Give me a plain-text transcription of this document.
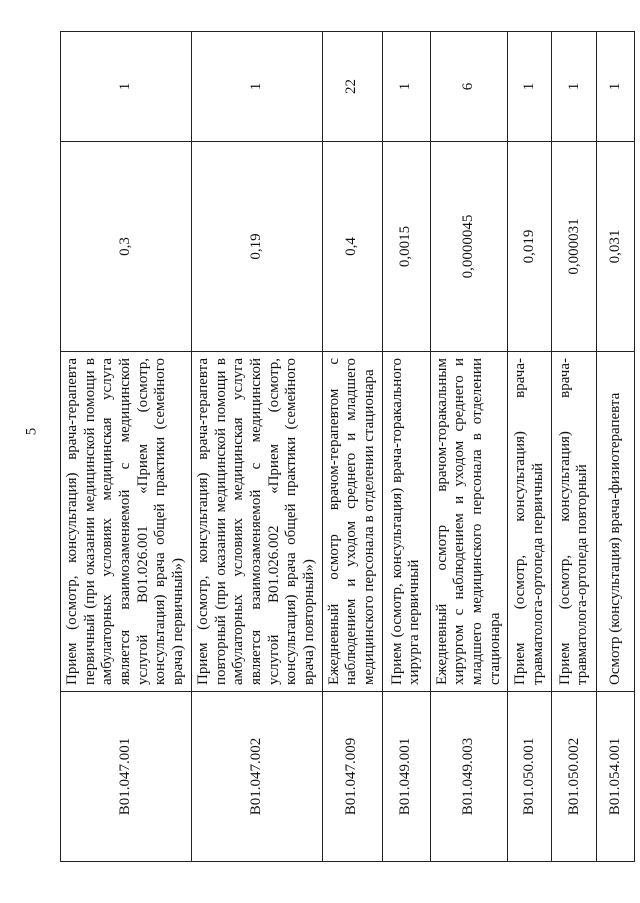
5
B01.047.001	Прием (осмотр, консультация) врача-терапевта первичный (при оказании медицинской помощи в амбулаторных условиях медицинская услуга является взаимозаменяемой с медицинской услугой B01.026.001 «Прием (осмотр, консультация) врача общей практики (семейного врача) первичный»)	0,3	1
B01.047.002	Прием (осмотр, консультация) врача-терапевта повторный (при оказании медицинской помощи в амбулаторных условиях медицинская услуга является взаимозаменяемой с медицинской услугой B01.026.002 «Прием (осмотр, консультация) врача общей практики (семейного врача) повторный»)	0,19	1
B01.047.009	Ежедневный осмотр врачом-терапевтом с наблюдением и уходом среднего и младшего медицинского персонала в отделении стационара	0,4	22
B01.049.001	Прием (осмотр, консультация) врача-торакального хирурга первичный	0,0015	1
B01.049.003	Ежедневный осмотр врачом-торакальным хирургом с наблюдением и уходом среднего и младшего медицинского персонала в отделении стационара	0,0000045	6
B01.050.001	Прием (осмотр, консультация) врача-травматолога-ортопеда первичный	0,019	1
B01.050.002	Прием (осмотр, консультация) врача-травматолога-ортопеда повторный	0,000031	1
B01.054.001	Осмотр (консультация) врача-физиотерапевта	0,031	1
